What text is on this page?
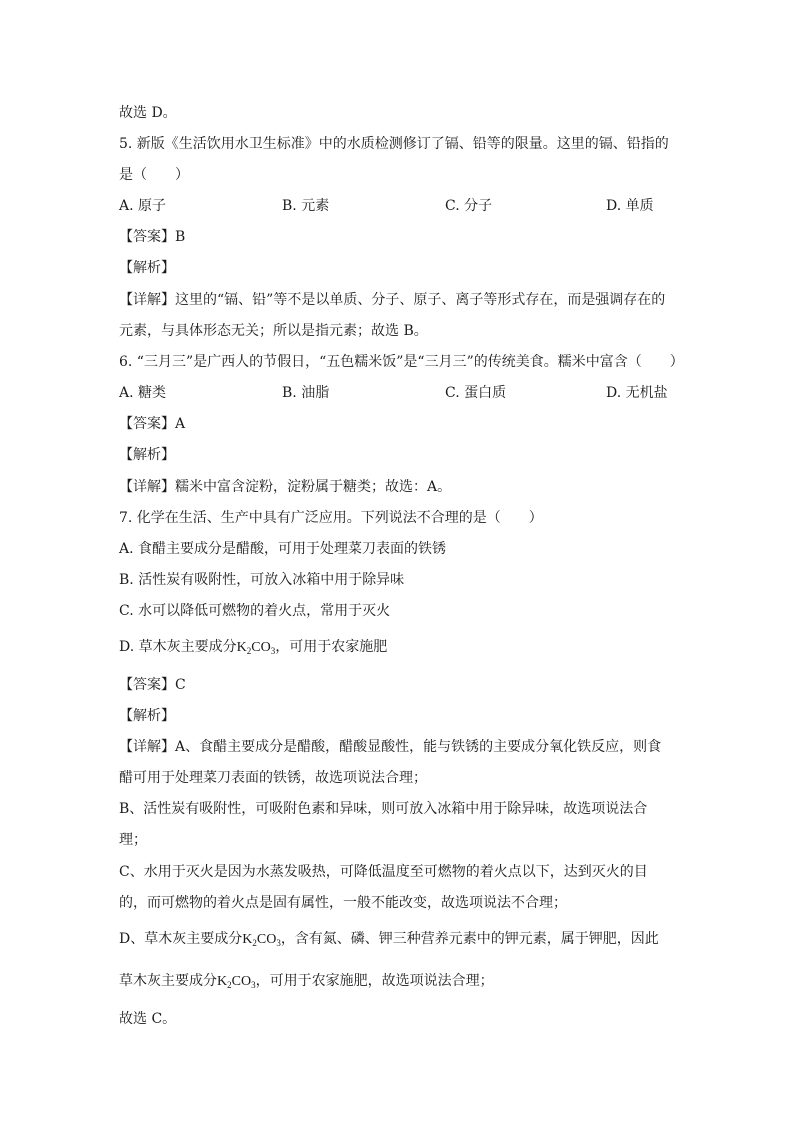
故选 D。
5. 新版《生活饮用水卫生标准》中的水质检测修订了镉、铅等的限量。这里的镉、铅指的
是（　　）
A. 原子	B. 元素	C. 分子	D. 单质
【答案】B
【解析】
【详解】这里的“镉、铅”等不是以单质、分子、原子、离子等形式存在，而是强调存在的
元素，与具体形态无关；所以是指元素；故选 B。
6. “三月三”是广西人的节假日，“五色糯米饭”是“三月三”的传统美食。糯米中富含（　　）
A. 糖类	B. 油脂	C. 蛋白质	D. 无机盐
【答案】A
【解析】
【详解】糯米中富含淀粉，淀粉属于糖类；故选：A。
7. 化学在生活、生产中具有广泛应用。下列说法不合理的是（　　）
A. 食醋主要成分是醋酸，可用于处理菜刀表面的铁锈
B. 活性炭有吸附性，可放入冰箱中用于除异味
C. 水可以降低可燃物的着火点，常用于灭火
D. 草木灰主要成分$K_2CO_3$，可用于农家施肥
【答案】C
【解析】
【详解】A、食醋主要成分是醋酸，醋酸显酸性，能与铁锈的主要成分氧化铁反应，则食
醋可用于处理菜刀表面的铁锈，故选项说法合理；
B、活性炭有吸附性，可吸附色素和异味，则可放入冰箱中用于除异味，故选项说法合
理；
C、水用于灭火是因为水蒸发吸热，可降低温度至可燃物的着火点以下，达到灭火的目
的，而可燃物的着火点是固有属性，一般不能改变，故选项说法不合理；
D、草木灰主要成分$K_2CO_3$，含有氮、磷、钾三种营养元素中的钾元素，属于钾肥，因此
草木灰主要成分$K_2CO_3$，可用于农家施肥，故选项说法合理；
故选 C。
